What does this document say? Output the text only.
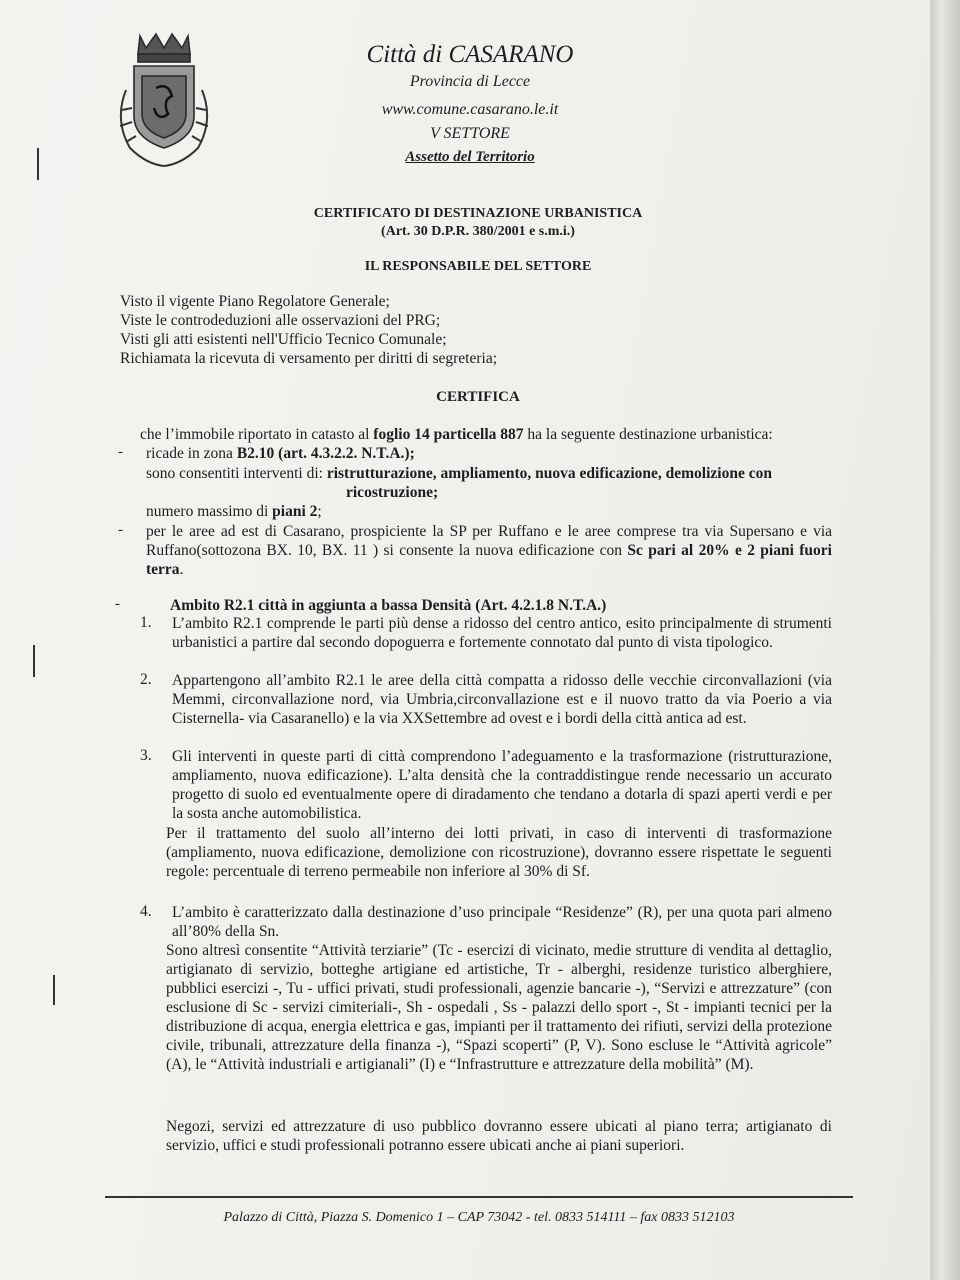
Città di CASARANO
Provincia di Lecce
www.comune.casarano.le.it
V SETTORE
Assetto del Territorio
CERTIFICATO DI DESTINAZIONE URBANISTICA
(Art. 30 D.P.R. 380/2001 e s.m.i.)
IL RESPONSABILE DEL SETTORE
Visto il vigente Piano Regolatore Generale;
Viste le controdeduzioni alle osservazioni del PRG;
Visti gli atti esistenti nell'Ufficio Tecnico Comunale;
Richiamata la ricevuta di versamento per diritti di segreteria;
CERTIFICA
che l’immobile riportato in catasto al foglio 14 particella 887 ha la seguente destinazione urbanistica:
- ricade in zona B2.10 (art. 4.3.2.2. N.T.A.);
sono consentiti interventi di: ristrutturazione, ampliamento, nuova edificazione, demolizione con
ricostruzione;
numero massimo di piani 2;
- per le aree ad est di Casarano, prospiciente la SP per Ruffano e le aree comprese tra via Supersano e via Ruffano(sottozona BX. 10, BX. 11 ) si consente la nuova edificazione con Sc pari al 20% e 2 piani fuori terra.
-	Ambito R2.1 città in aggiunta a bassa Densità (Art. 4.2.1.8 N.T.A.)
1. L’ambito R2.1 comprende le parti più dense a ridosso del centro antico, esito principalmente di strumenti urbanistici a partire dal secondo dopoguerra e fortemente connotato dal punto di vista tipologico.
2. Appartengono all’ambito R2.1 le aree della città compatta a ridosso delle vecchie circonvallazioni (via Memmi, circonvallazione nord, via Umbria,circonvallazione est e il nuovo tratto da via Poerio a via Cisternella- via Casaranello) e la via XXSettembre ad ovest e i bordi della città antica ad est.
3. Gli interventi in queste parti di città comprendono l’adeguamento e la trasformazione (ristrutturazione, ampliamento, nuova edificazione). L’alta densità che la contraddistingue rende necessario un accurato progetto di suolo ed eventualmente opere di diradamento che tendano a dotarla di spazi aperti verdi e per la sosta anche automobilistica.
Per il trattamento del suolo all’interno dei lotti privati, in caso di interventi di trasformazione (ampliamento, nuova edificazione, demolizione con ricostruzione), dovranno essere rispettate le seguenti regole: percentuale di terreno permeabile non inferiore al 30% di Sf.
4. L’ambito è caratterizzato dalla destinazione d’uso principale “Residenze” (R), per una quota pari almeno all’80% della Sn.
Sono altresì consentite “Attività terziarie” (Tc - esercizi di vicinato, medie strutture di vendita al dettaglio, artigianato di servizio, botteghe artigiane ed artistiche, Tr - alberghi, residenze turistico alberghiere, pubblici esercizi -, Tu - uffici privati, studi professionali, agenzie bancarie -), “Servizi e attrezzature” (con esclusione di Sc - servizi cimiteriali-, Sh - ospedali , Ss - palazzi dello sport -, St - impianti tecnici per la distribuzione di acqua, energia elettrica e gas, impianti per il trattamento dei rifiuti, servizi della protezione civile, tribunali, attrezzature della finanza -), “Spazi scoperti” (P, V). Sono escluse le “Attività agricole” (A), le “Attività industriali e artigianali” (I) e “Infrastrutture e attrezzature della mobilità” (M).
Negozi, servizi ed attrezzature di uso pubblico dovranno essere ubicati al piano terra; artigianato di servizio, uffici e studi professionali potranno essere ubicati anche ai piani superiori.
Palazzo di Città, Piazza S. Domenico 1 – CAP 73042 - tel. 0833 514111 – fax 0833 512103
